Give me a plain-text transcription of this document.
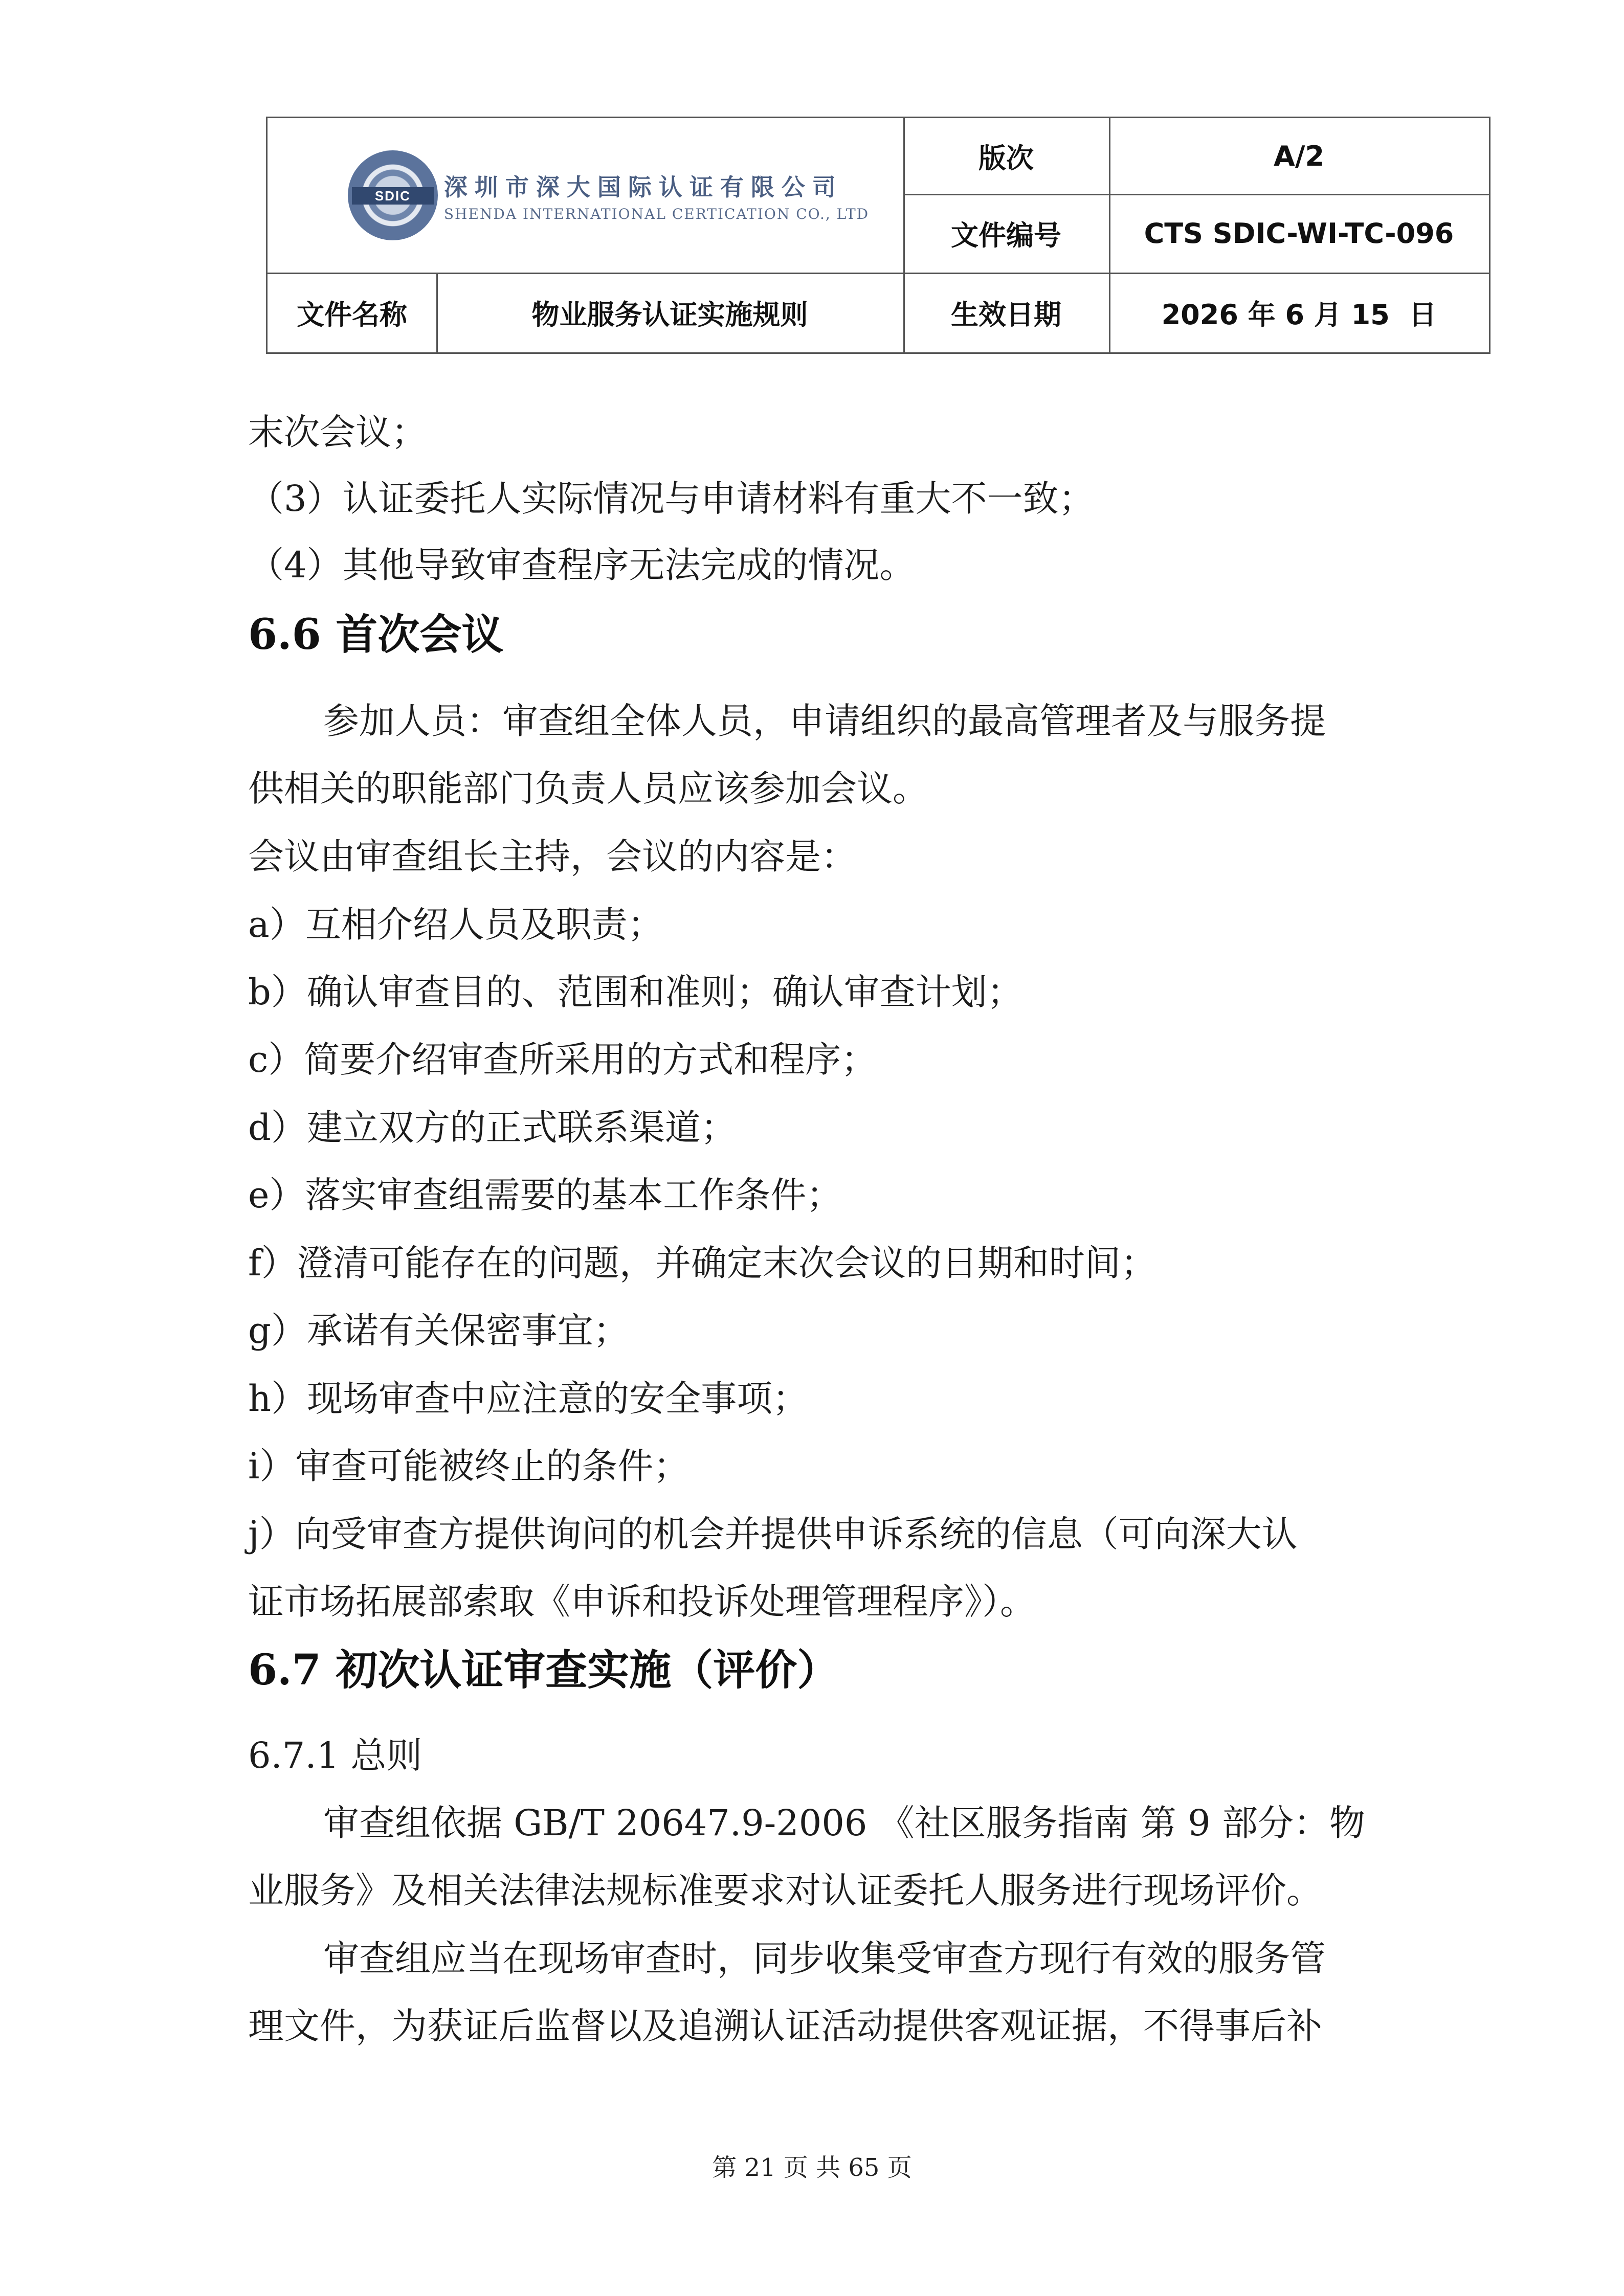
SDIC 深圳市深大国际认证有限公司
SHENDA INTERNATIONAL CERTICATION CO., LTD
版次	A/2
文件编号	CTS SDIC-WI-TC-096
文件名称	物业服务认证实施规则	生效日期	2026 年 6 月 15  日
末次会议；
（3）认证委托人实际情况与申请材料有重大不一致；
（4）其他导致审查程序无法完成的情况。
6.6 首次会议
参加人员：审查组全体人员，申请组织的最高管理者及与服务提
供相关的职能部门负责人员应该参加会议。
会议由审查组长主持，会议的内容是：
a）互相介绍人员及职责；
b）确认审查目的、范围和准则；确认审查计划；
c）简要介绍审查所采用的方式和程序；
d）建立双方的正式联系渠道；
e）落实审查组需要的基本工作条件；
f）澄清可能存在的问题，并确定末次会议的日期和时间；
g）承诺有关保密事宜；
h）现场审查中应注意的安全事项；
i）审查可能被终止的条件；
j）向受审查方提供询问的机会并提供申诉系统的信息（可向深大认
证市场拓展部索取《申诉和投诉处理管理程序》）。
6.7 初次认证审查实施（评价）
6.7.1 总则
审查组依据 GB/T 20647.9-2006 《社区服务指南 第 9 部分：物
业服务》及相关法律法规标准要求对认证委托人服务进行现场评价。
审查组应当在现场审查时，同步收集受审查方现行有效的服务管
理文件，为获证后监督以及追溯认证活动提供客观证据，不得事后补
第 21 页 共 65 页
